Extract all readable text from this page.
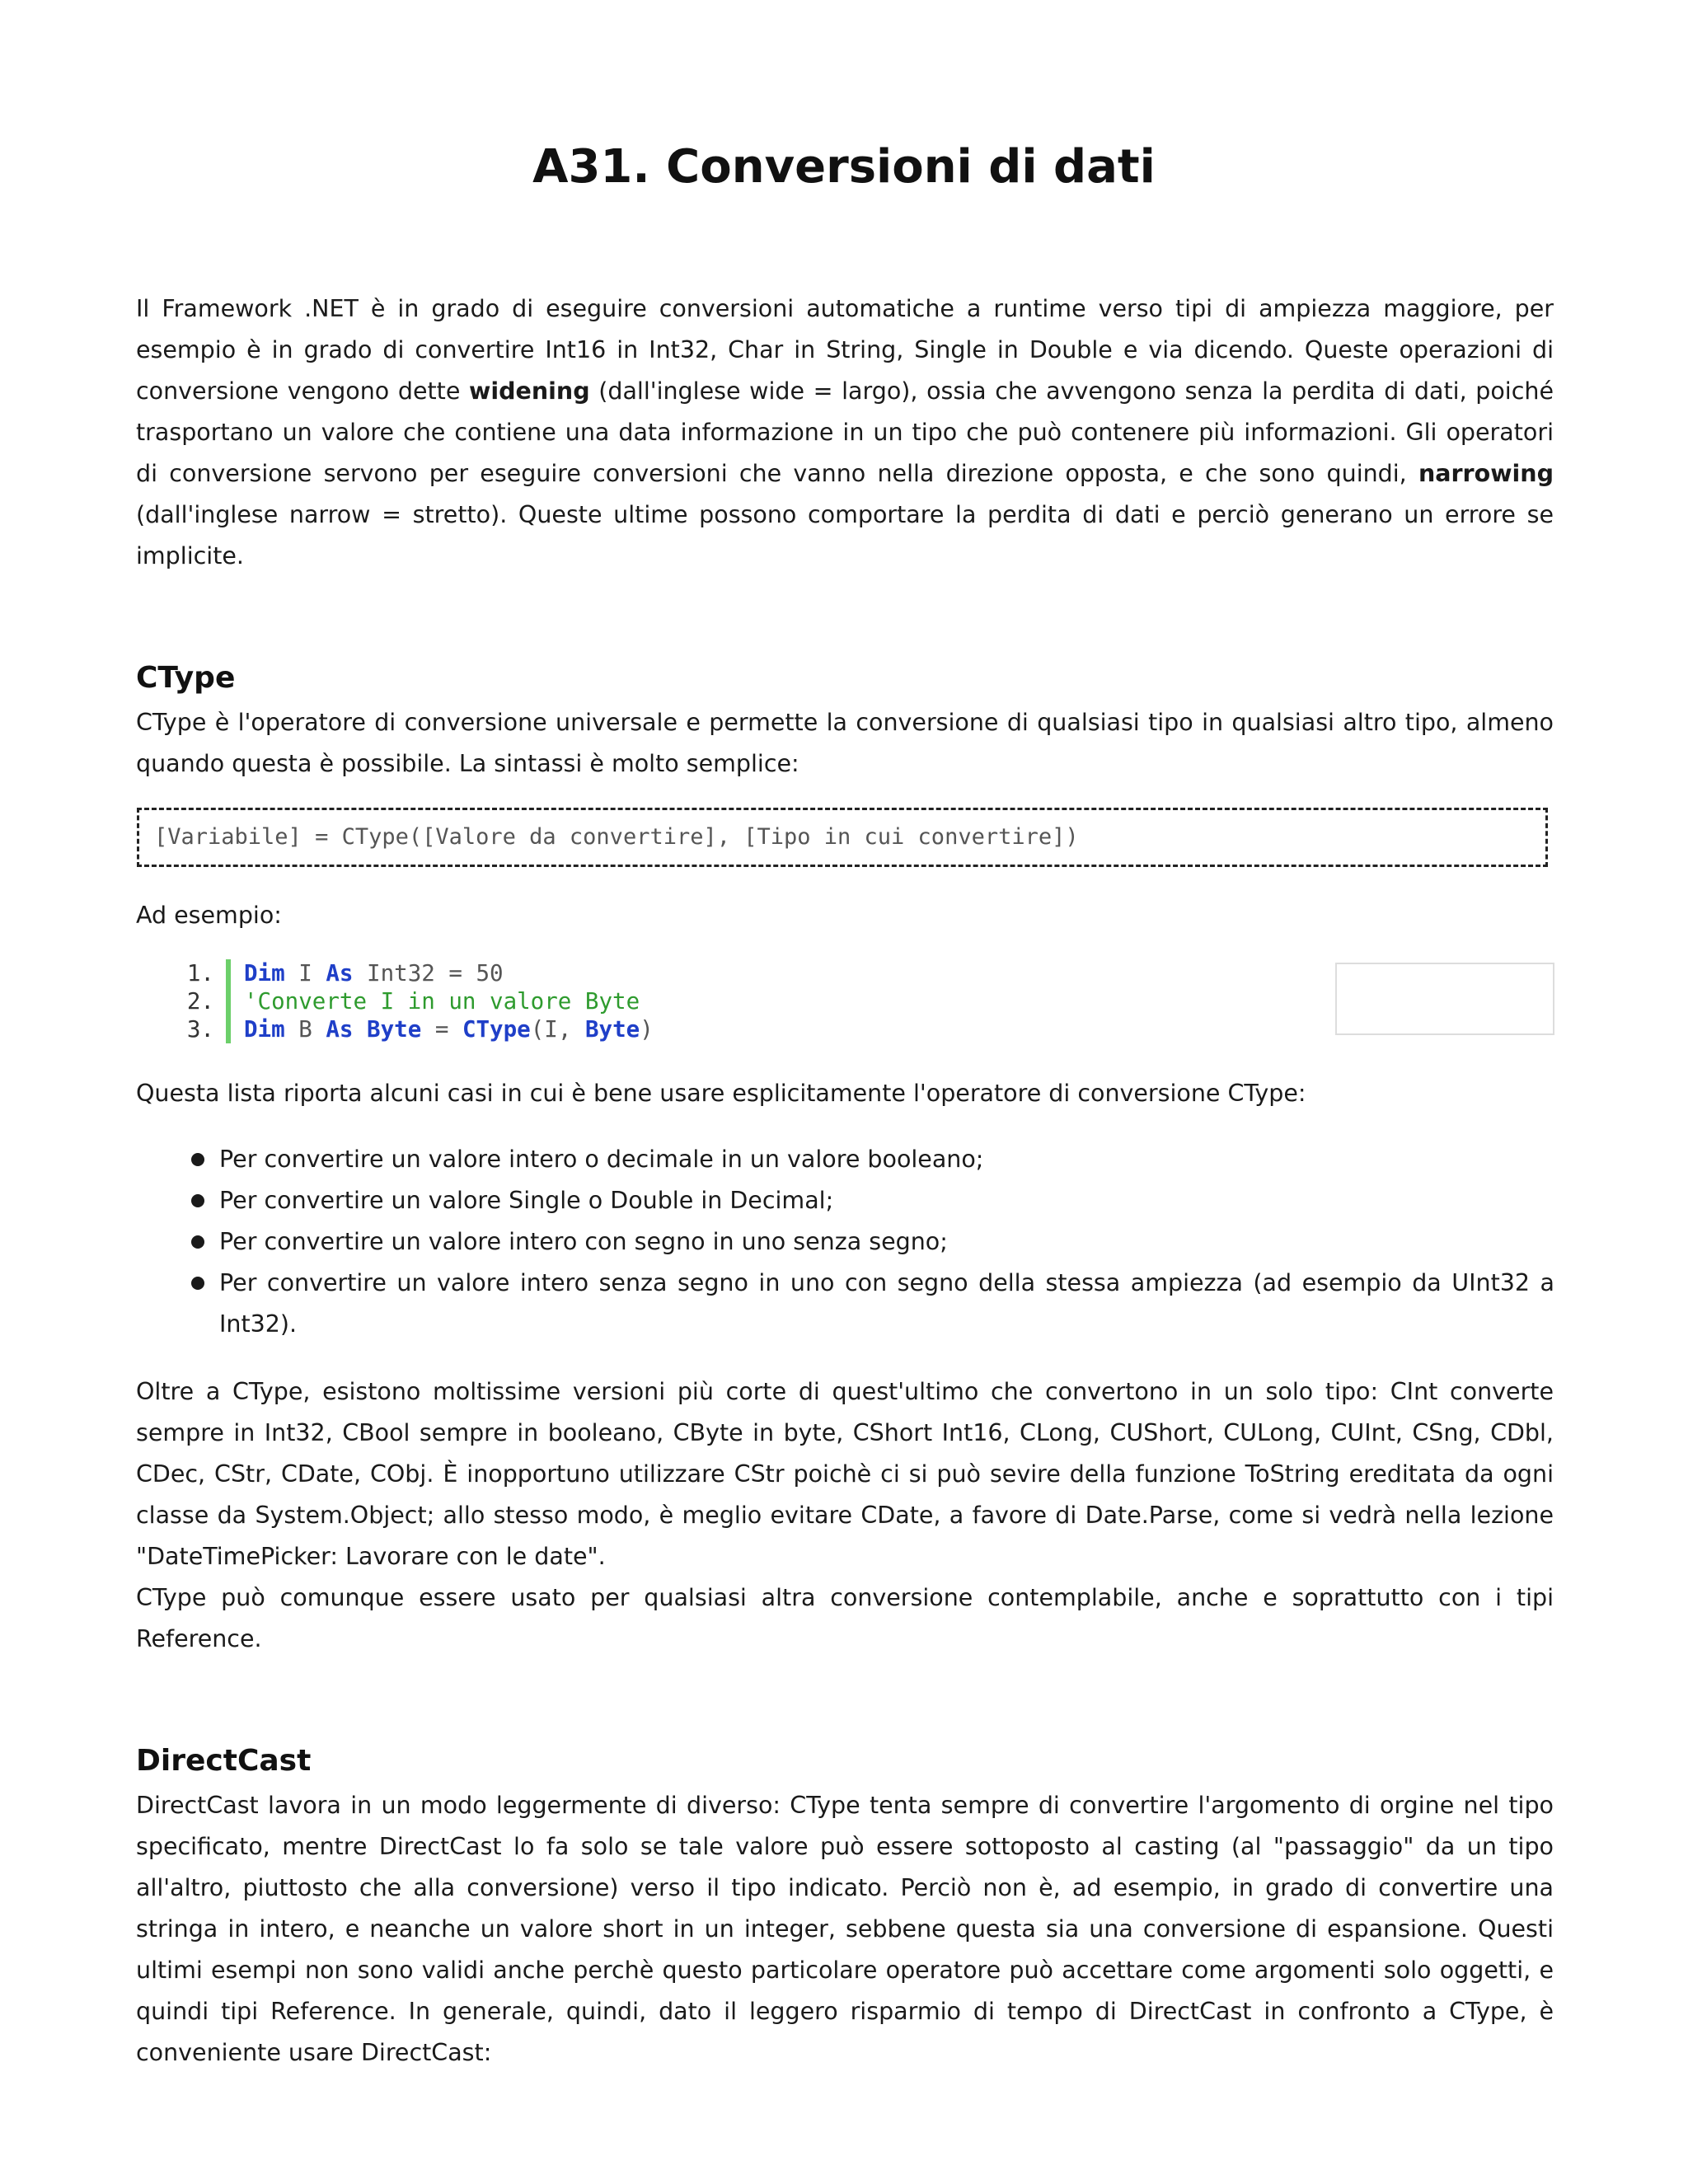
A31. Conversioni di dati

Il Framework .NET è in grado di eseguire conversioni automatiche a runtime verso tipi di ampiezza maggiore, per esempio è in grado di convertire Int16 in Int32, Char in String, Single in Double e via dicendo. Queste operazioni di conversione vengono dette widening (dall'inglese wide = largo), ossia che avvengono senza la perdita di dati, poiché trasportano un valore che contiene una data informazione in un tipo che può contenere più informazioni. Gli operatori di conversione servono per eseguire conversioni che vanno nella direzione opposta, e che sono quindi, narrowing (dall'inglese narrow = stretto). Queste ultime possono comportare la perdita di dati e perciò generano un errore se implicite.

CType

CType è l'operatore di conversione universale e permette la conversione di qualsiasi tipo in qualsiasi altro tipo, almeno quando questa è possibile. La sintassi è molto semplice:

[Variabile] = CType([Valore da convertire], [Tipo in cui convertire])

Ad esempio:

1.	Dim I As Int32 = 50
2.	'Converte I in un valore Byte
3.	Dim B As Byte = CType(I, Byte)

Questa lista riporta alcuni casi in cui è bene usare esplicitamente l'operatore di conversione CType:

Per convertire un valore intero o decimale in un valore booleano;
Per convertire un valore Single o Double in Decimal;
Per convertire un valore intero con segno in uno senza segno;
Per convertire un valore intero senza segno in uno con segno della stessa ampiezza (ad esempio da UInt32 a Int32).

Oltre a CType, esistono moltissime versioni più corte di quest'ultimo che convertono in un solo tipo: CInt converte sempre in Int32, CBool sempre in booleano, CByte in byte, CShort Int16, CLong, CUShort, CULong, CUInt, CSng, CDbl, CDec, CStr, CDate, CObj. È inopportuno utilizzare CStr poichè ci si può sevire della funzione ToString ereditata da ogni classe da System.Object; allo stesso modo, è meglio evitare CDate, a favore di Date.Parse, come si vedrà nella lezione "DateTimePicker: Lavorare con le date".

CType può comunque essere usato per qualsiasi altra conversione contemplabile, anche e soprattutto con i tipi Reference.

DirectCast

DirectCast lavora in un modo leggermente di diverso: CType tenta sempre di convertire l'argomento di orgine nel tipo specificato, mentre DirectCast lo fa solo se tale valore può essere sottoposto al casting (al "passaggio" da un tipo all'altro, piuttosto che alla conversione) verso il tipo indicato. Perciò non è, ad esempio, in grado di convertire una stringa in intero, e neanche un valore short in un integer, sebbene questa sia una conversione di espansione. Questi ultimi esempi non sono validi anche perchè questo particolare operatore può accettare come argomenti solo oggetti, e quindi tipi Reference. In generale, quindi, dato il leggero risparmio di tempo di DirectCast in confronto a CType, è conveniente usare DirectCast:
